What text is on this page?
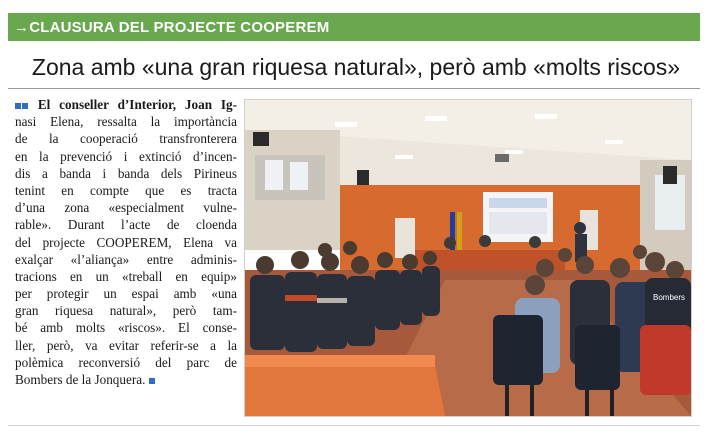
→CLAUSURA DEL PROJECTE COOPEREM
Zona amb «una gran riquesa natural», però amb «molts riscos»
El conseller d’Interior, Joan Ig-
nasi Elena, ressalta la importància
de la cooperació transfronterera
en la prevenció i extinció d’incen-
dis a banda i banda dels Pirineus
tenint en compte que es tracta
d’una zona «especialment vulne-
rable». Durant l’acte de cloenda
del projecte COOPEREM, Elena va
exalçar «l’aliança» entre adminis-
tracions en un «treball en equip»
per protegir un espai amb «una
gran riquesa natural», però tam-
bé amb molts «riscos». El conse-
ller, però, va evitar referir-se a la
polèmica reconversió del parc de
Bombers de la Jonquera.
Bombers
